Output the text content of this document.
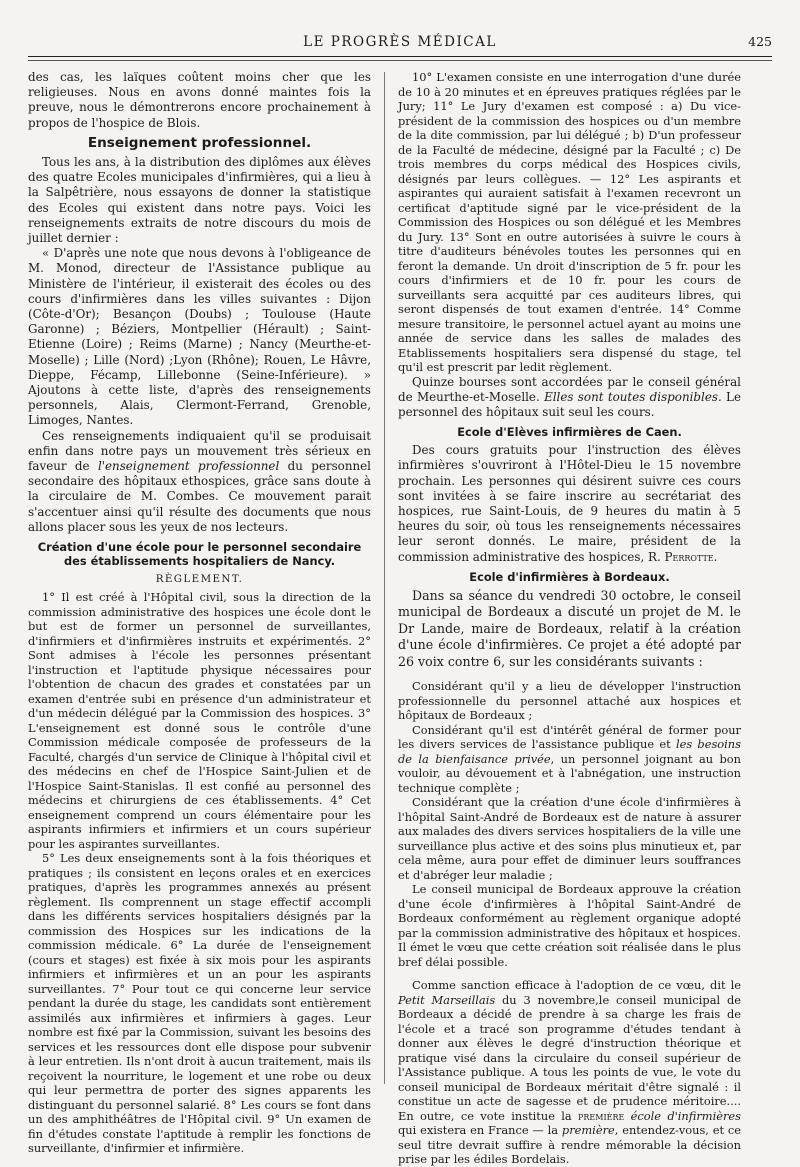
LE PROGRÈS MÉDICAL	425

des cas, les laïques coûtent moins cher que les religieuses. Nous en avons donné maintes fois la preuve, nous le démontrerons encore prochainement à propos de l'hospice de Blois.

Enseignement professionnel.

Tous les ans, à la distribution des diplômes aux élèves des quatre Ecoles municipales d'infirmières, qui a lieu à la Salpêtrière, nous essayons de donner la statistique des Ecoles qui existent dans notre pays. Voici les renseignements extraits de notre discours du mois de juillet dernier :

« D'après une note que nous devons à l'obligeance de M. Monod, directeur de l'Assistance publique au Ministère de l'intérieur, il existerait des écoles ou des cours d'infirmières dans les villes suivantes : Dijon (Côte-d'Or); Besançon (Doubs) ; Toulouse (Haute Garonne) ; Béziers, Montpellier (Hérault) ; Saint-Etienne (Loire) ; Reims (Marne) ; Nancy (Meurthe-et-Moselle) ; Lille (Nord) ;Lyon (Rhône); Rouen, Le Hâvre, Dieppe, Fécamp, Lillebonne (Seine-Inférieure). » Ajoutons à cette liste, d'après des renseignements personnels, Alais, Clermont-Ferrand, Grenoble, Limoges, Nantes.

Ces renseignements indiquaient qu'il se produisait enfin dans notre pays un mouvement très sérieux en faveur de l'enseignement professionnel du personnel secondaire des hôpitaux ethospices, grâce sans doute à la circulaire de M. Combes. Ce mouvement parait s'accentuer ainsi qu'il résulte des documents que nous allons placer sous les yeux de nos lecteurs.

Création d'une école pour le personnel secondaire des établissements hospitaliers de Nancy.
RÈGLEMENT.

1° Il est créé à l'Hôpital civil, sous la direction de la commission administrative des hospices une école dont le but est de former un personnel de surveillantes, d'infirmiers et d'infirmières instruits et expérimentés. 2° Sont admises à l'école les personnes présentant l'instruction et l'aptitude physique nécessaires pour l'obtention de chacun des grades et constatées par un examen d'entrée subi en présence d'un administrateur et d'un médecin délégué par la Commission des hospices. 3° L'enseignement est donné sous le contrôle d'une Commission médicale composée de professeurs de la Faculté, chargés d'un service de Clinique à l'hôpital civil et des médecins en chef de l'Hospice Saint-Julien et de l'Hospice Saint-Stanislas. Il est confié au personnel des médecins et chirurgiens de ces établissements. 4° Cet enseignement comprend un cours élémentaire pour les aspirants infirmiers et infirmiers et un cours supérieur pour les aspirantes surveillantes.

5° Les deux enseignements sont à la fois théoriques et pratiques ; ils consistent en leçons orales et en exercices pratiques, d'après les programmes annexés au présent règlement. Ils comprennent un stage effectif accompli dans les différents services hospitaliers désignés par la commission des Hospices sur les indications de la commission médicale. 6° La durée de l'enseignement (cours et stages) est fixée à six mois pour les aspirants infirmiers et infirmières et un an pour les aspirants surveillantes. 7° Pour tout ce qui concerne leur service pendant la durée du stage, les candidats sont entièrement assimilés aux infirmières et infirmiers à gages. Leur nombre est fixé par la Commission, suivant les besoins des services et les ressources dont elle dispose pour subvenir à leur entretien. Ils n'ont droit à aucun traitement, mais ils reçoivent la nourriture, le logement et une robe ou deux qui leur permettra de porter des signes apparents les distinguant du personnel salarié. 8° Les cours se font dans un des amphithéâtres de l'Hôpital civil. 9° Un examen de fin d'études constate l'aptitude à remplir les fonctions de surveillante, d'infirmier et infirmière.

10° L'examen consiste en une interrogation d'une durée de 10 à 20 minutes et en épreuves pratiques réglées par le Jury; 11° Le Jury d'examen est composé : a) Du vice-président de la commission des hospices ou d'un membre de la dite commission, par lui délégué ; b) D'un professeur de la Faculté de médecine, désigné par la Faculté ; c) De trois membres du corps médical des Hospices civils, désignés par leurs collègues. — 12° Les aspirants et aspirantes qui auraient satisfait à l'examen recevront un certificat d'aptitude signé par le vice-président de la Commission des Hospices ou son délégué et les Membres du Jury. 13° Sont en outre autorisées à suivre le cours à titre d'auditeurs bénévoles toutes les personnes qui en feront la demande. Un droit d'inscription de 5 fr. pour les cours d'infirmiers et de 10 fr. pour les cours de surveillants sera acquitté par ces auditeurs libres, qui seront dispensés de tout examen d'entrée. 14° Comme mesure transitoire, le personnel actuel ayant au moins une année de service dans les salles de malades des Etablissements hospitaliers sera dispensé du stage, tel qu'il est prescrit par ledit règlement.

Quinze bourses sont accordées par le conseil général de Meurthe-et-Moselle. Elles sont toutes disponibles. Le personnel des hôpitaux suit seul les cours.

Ecole d'Elèves infirmières de Caen.

Des cours gratuits pour l'instruction des élèves infirmières s'ouvriront à l'Hôtel-Dieu le 15 novembre prochain. Les personnes qui désirent suivre ces cours sont invitées à se faire inscrire au secrétariat des hospices, rue Saint-Louis, de 9 heures du matin à 5 heures du soir, où tous les renseignements nécessaires leur seront donnés. Le maire, président de la commission administrative des hospices, R. Perrotte.

Ecole d'infirmières à Bordeaux.

Dans sa séance du vendredi 30 octobre, le conseil municipal de Bordeaux a discuté un projet de M. le Dr Lande, maire de Bordeaux, relatif à la création d'une école d'infirmières. Ce projet a été adopté par 26 voix contre 6, sur les considérants suivants :

Considérant qu'il y a lieu de développer l'instruction professionnelle du personnel attaché aux hospices et hôpitaux de Bordeaux ;

Considérant qu'il est d'intérêt général de former pour les divers services de l'assistance publique et les besoins de la bienfaisance privée, un personnel joignant au bon vouloir, au dévouement et à l'abnégation, une instruction technique complète ;

Considérant que la création d'une école d'infirmières à l'hôpital Saint-André de Bordeaux est de nature à assurer aux malades des divers services hospitaliers de la ville une surveillance plus active et des soins plus minutieux et, par cela même, aura pour effet de diminuer leurs souffrances et d'abréger leur maladie ;

Le conseil municipal de Bordeaux approuve la création d'une école d'infirmières à l'hôpital Saint-André de Bordeaux conformément au règlement organique adopté par la commission administrative des hôpitaux et hospices. Il émet le vœu que cette création soit réalisée dans le plus bref délai possible.

Comme sanction efficace à l'adoption de ce vœu, dit le Petit Marseillais du 3 novembre,le conseil municipal de Bordeaux a décidé de prendre à sa charge les frais de l'école et a tracé son programme d'études tendant à donner aux élèves le degré d'instruction théorique et pratique visé dans la circulaire du conseil supérieur de l'Assistance publique. A tous les points de vue, le vote du conseil municipal de Bordeaux méritait d'être signalé : il constitue un acte de sagesse et de prudence méritoire.... En outre, ce vote institue la première école d'infirmières qui existera en France — la première, entendez-vous, et ce seul titre devrait suffire à rendre mémorable la décision prise par les édiles Bordelais.
